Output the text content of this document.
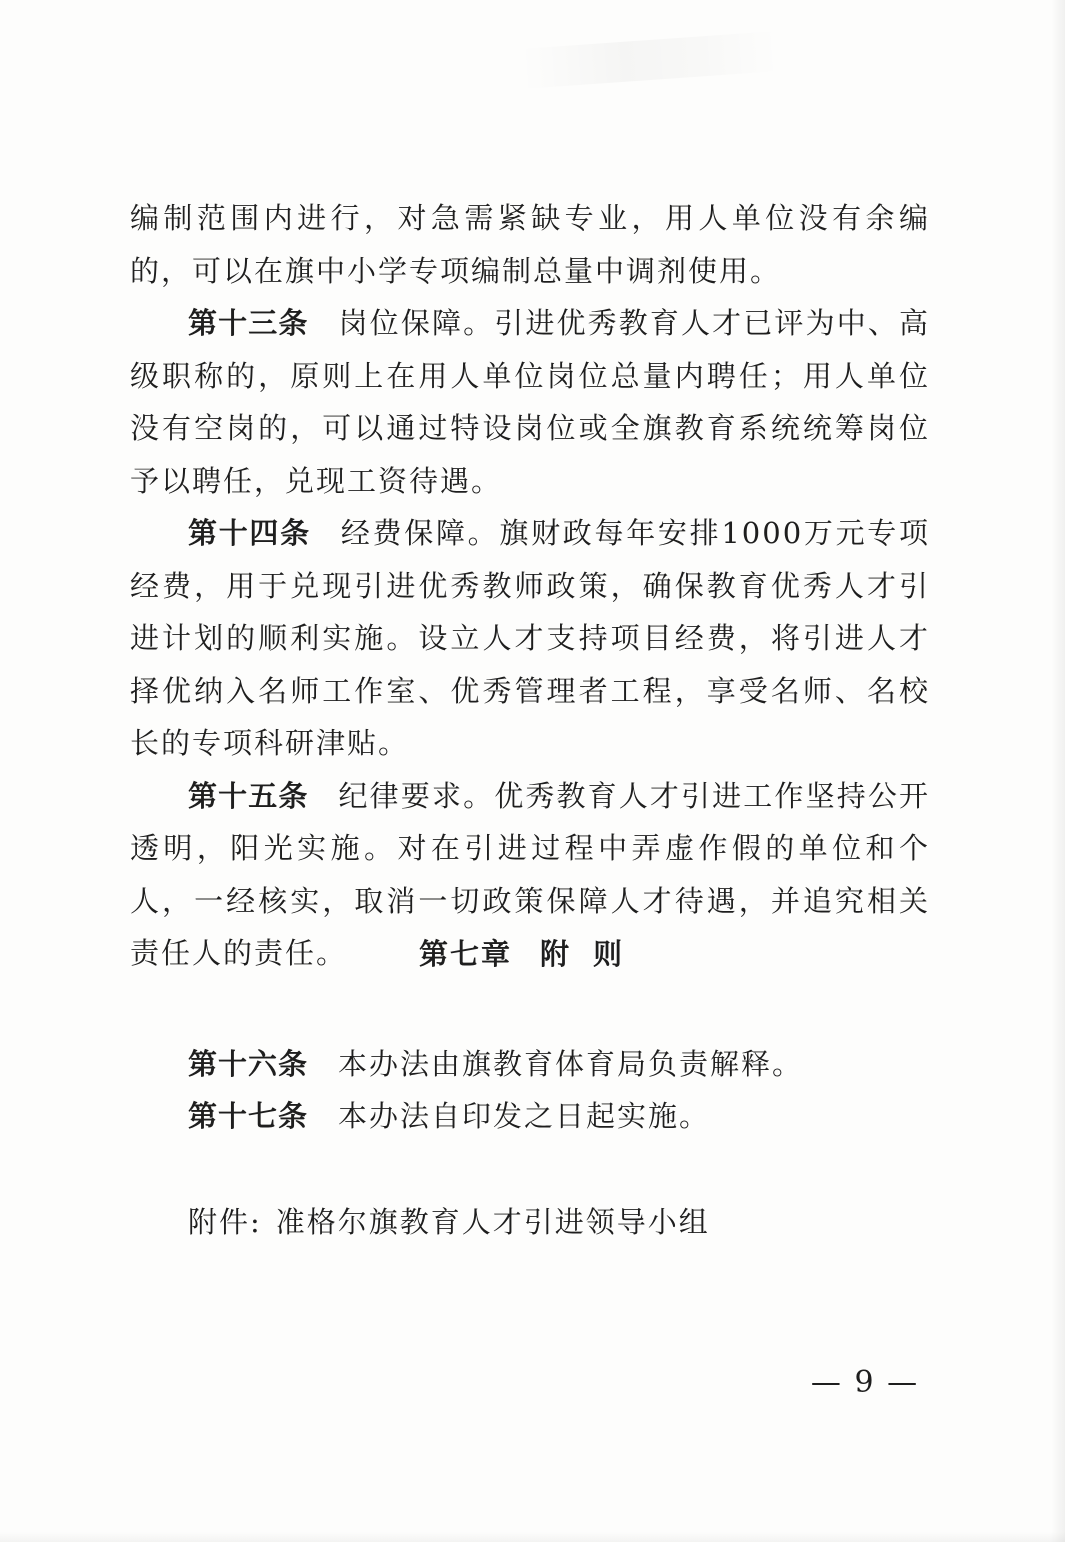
编制范围内进行，对急需紧缺专业，用人单位没有余编的，可以在旗中小学专项编制总量中调剂使用。

第十三条 岗位保障。引进优秀教育人才已评为中、高级职称的，原则上在用人单位岗位总量内聘任；用人单位没有空岗的，可以通过特设岗位或全旗教育系统统筹岗位予以聘任，兑现工资待遇。

第十四条 经费保障。旗财政每年安排1000万元专项经费，用于兑现引进优秀教师政策，确保教育优秀人才引进计划的顺利实施。设立人才支持项目经费，将引进人才择优纳入名师工作室、优秀管理者工程，享受名师、名校长的专项科研津贴。

第十五条 纪律要求。优秀教育人才引进工作坚持公开透明，阳光实施。对在引进过程中弄虚作假的单位和个人，一经核实，取消一切政策保障人才待遇，并追究相关责任人的责任。	第七章 附则
第十六条 本办法由旗教育体育局负责解释。
第十七条 本办法自印发之日起实施。
附件: 准格尔旗教育人才引进领导小组
— 9 —
